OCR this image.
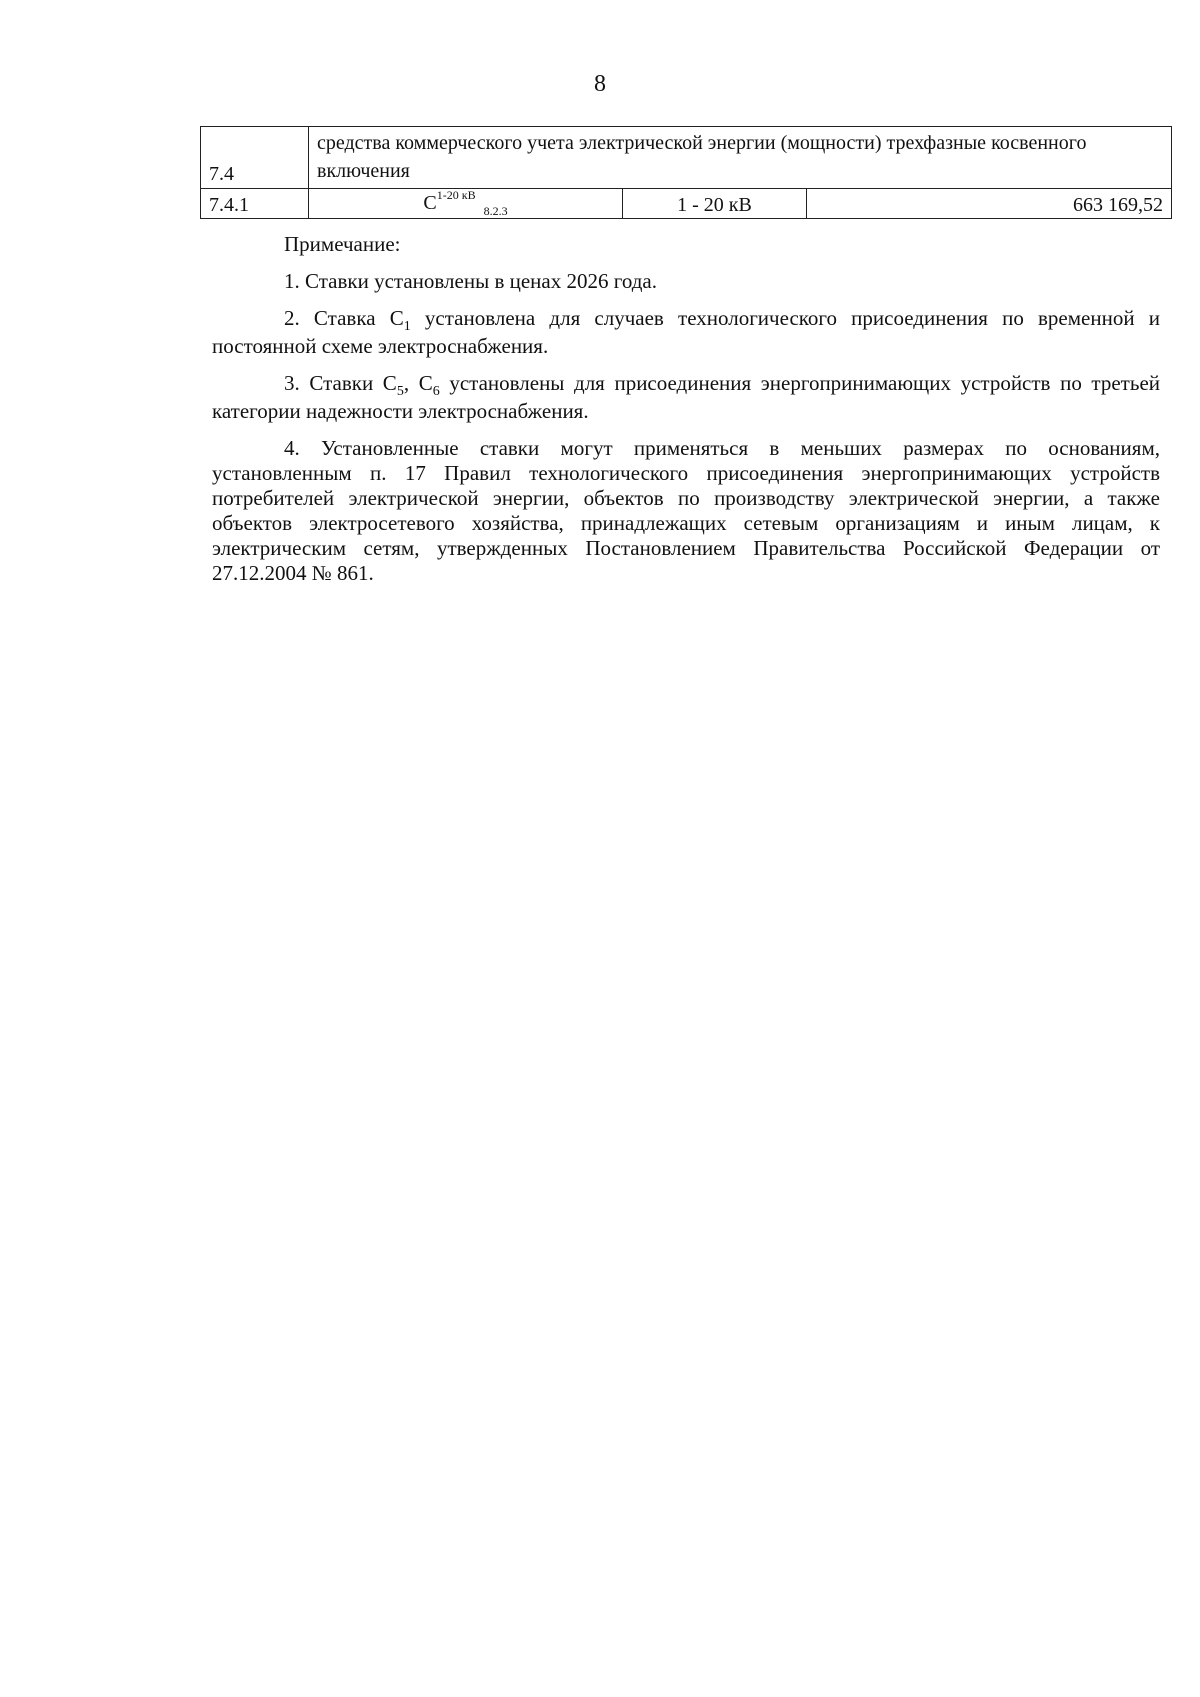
8
7.4	средства коммерческого учета электрической энергии (мощности) трехфазные косвенного включения		
7.4.1	$С^{1-20 кВ}_{8.2.3}$	1 - 20 кВ	663 169,52

Примечание:

1. Ставки установлены в ценах 2026 года.

2. Ставка $С_1$ установлена для случаев технологического присоединения по временной и постоянной схеме электроснабжения.

3. Ставки $С_5$, $С_6$ установлены для присоединения энергопринимающих устройств по третьей категории надежности электроснабжения.

4. Установленные ставки могут применяться в меньших размерах по основаниям, установленным п. 17 Правил технологического присоединения энергопринимающих устройств потребителей электрической энергии, объектов по производству электрической энергии, а также объектов электросетевого хозяйства, принадлежащих сетевым организациям и иным лицам, к электрическим сетям, утвержденных Постановлением Правительства Российской Федерации от 27.12.2004 № 861.
